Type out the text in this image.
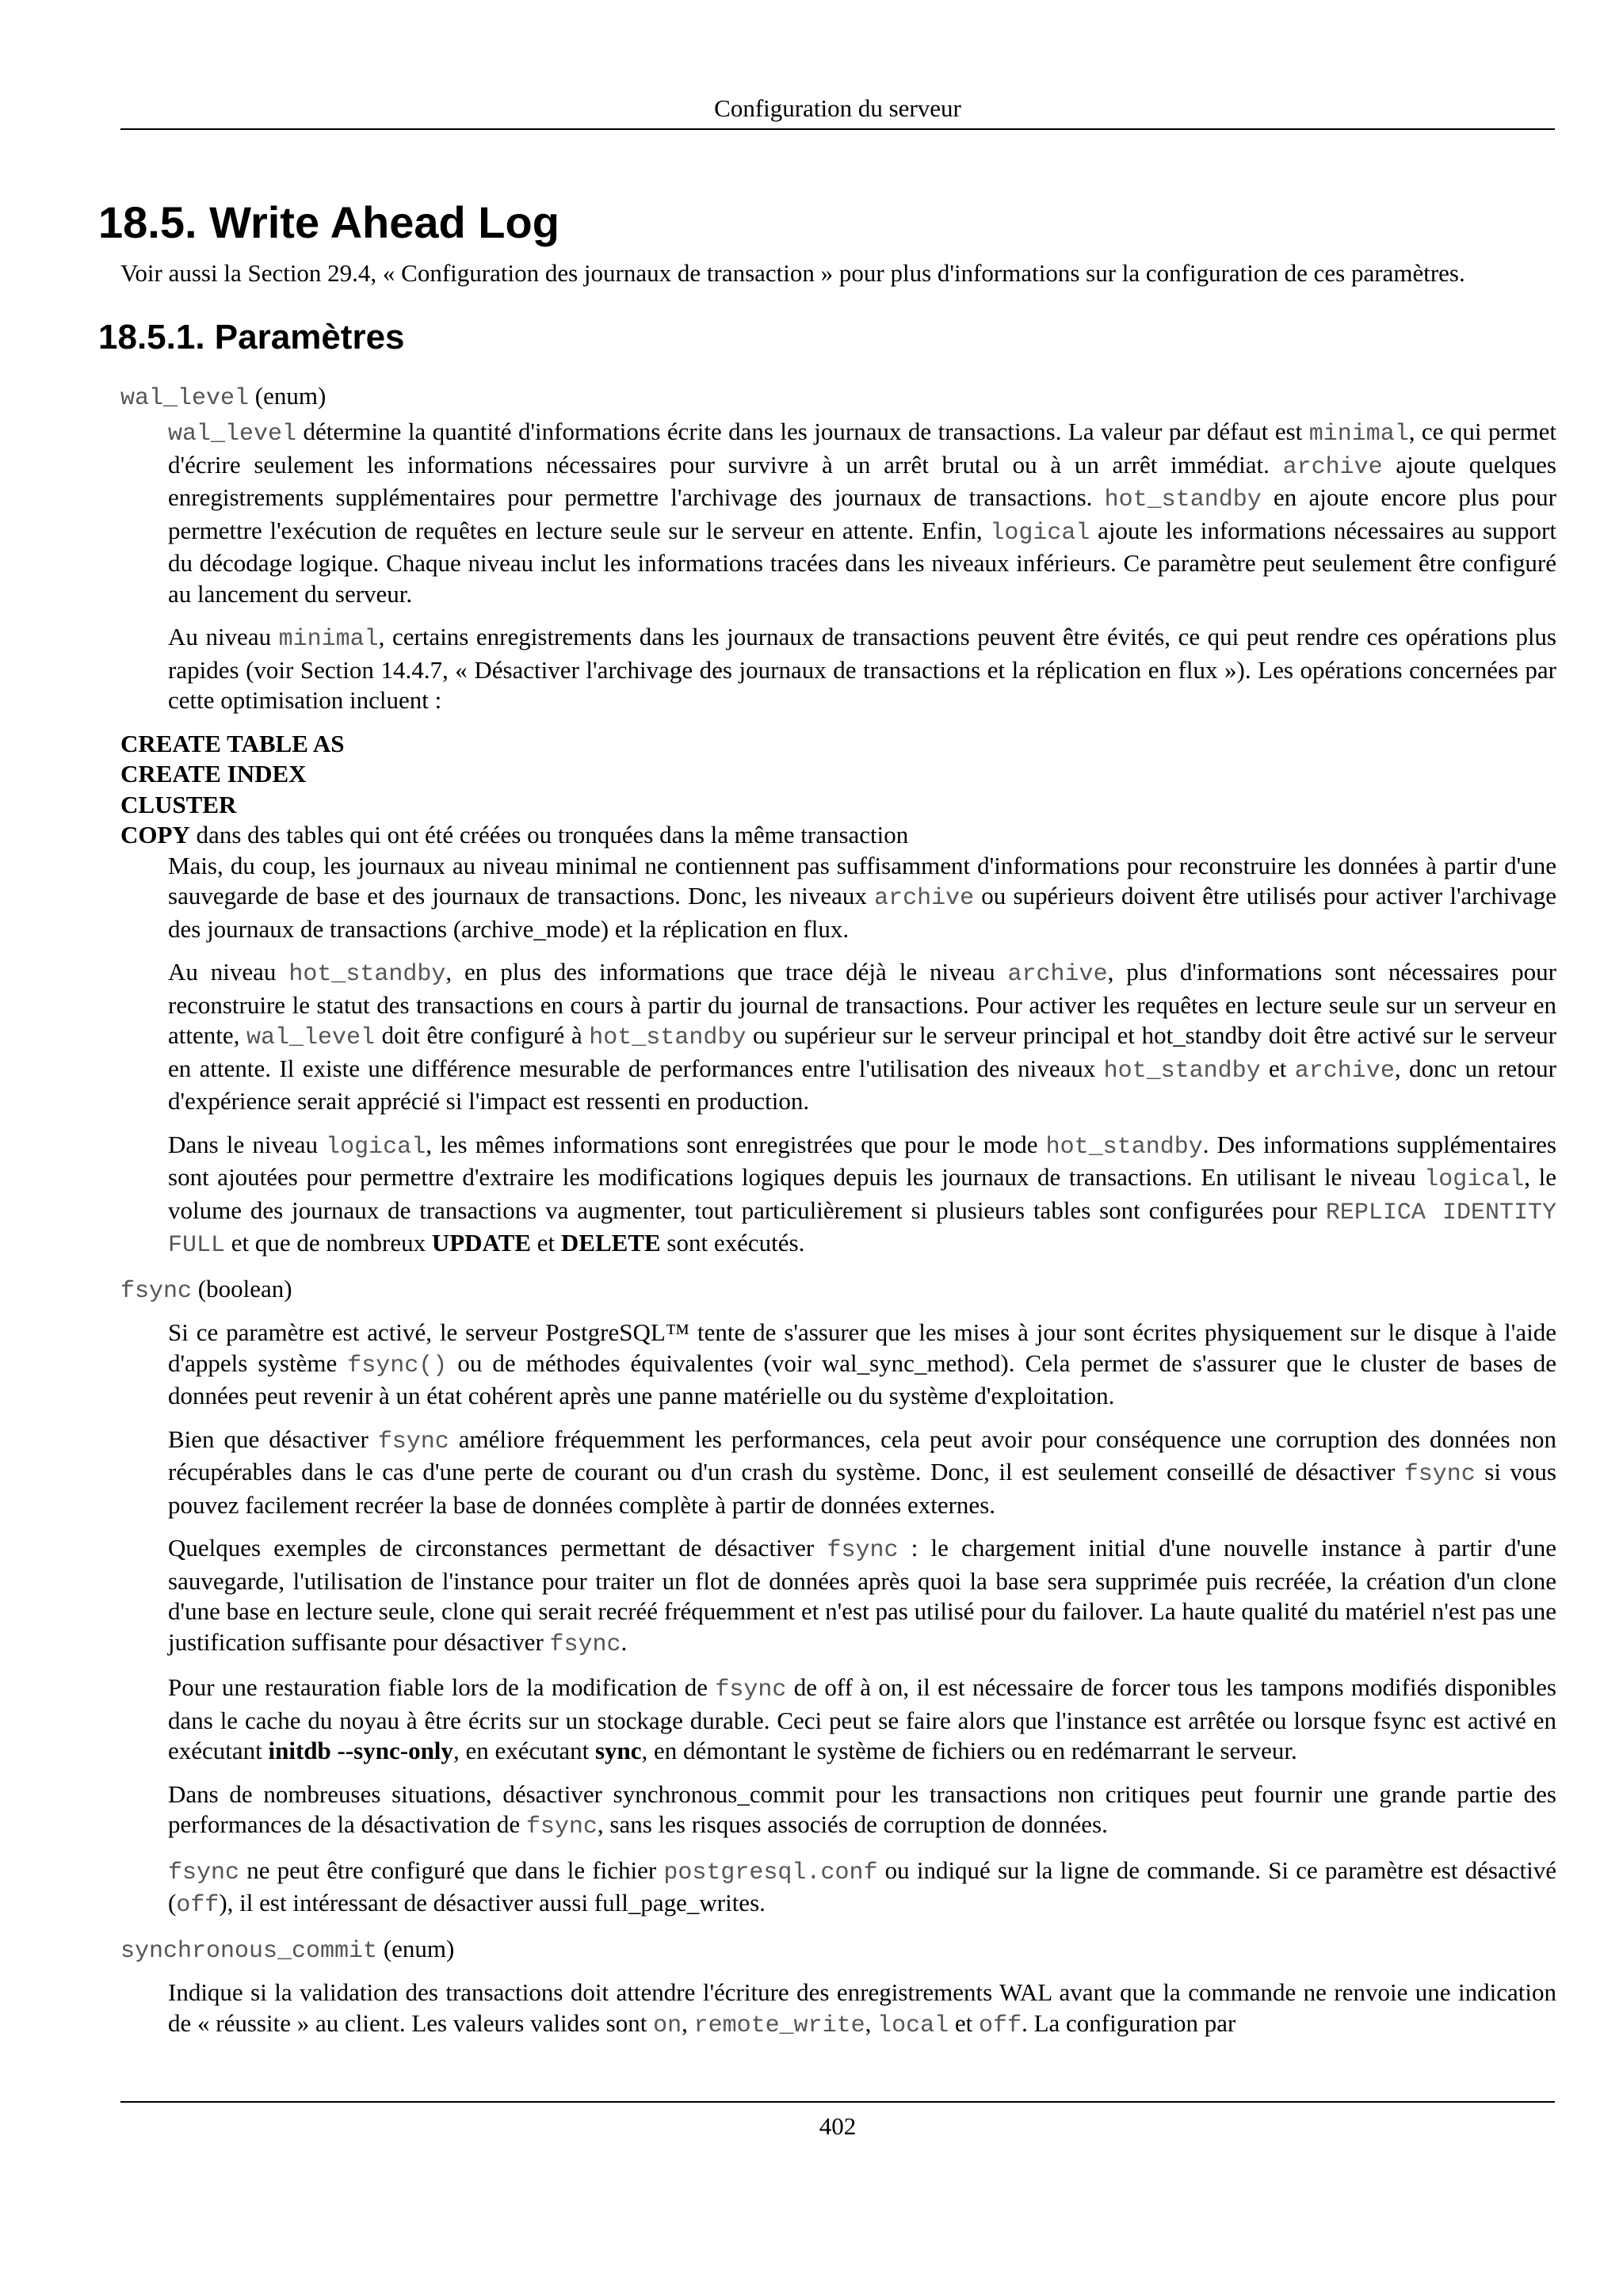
Configuration du serveur
18.5. Write Ahead Log

Voir aussi la Section 29.4, « Configuration des journaux de transaction » pour plus d'informations sur la configuration de ces paramètres.

18.5.1. Paramètres
wal_level (enum)

wal_level détermine la quantité d'informations écrite dans les journaux de transactions. La valeur par défaut est minimal, ce qui permet d'écrire seulement les informations nécessaires pour survivre à un arrêt brutal ou à un arrêt immédiat. archive ajoute quelques enregistrements supplémentaires pour permettre l'archivage des journaux de transactions. hot_standby en ajoute encore plus pour permettre l'exécution de requêtes en lecture seule sur le serveur en attente. Enfin, logical ajoute les informations nécessaires au support du décodage logique. Chaque niveau inclut les informations tracées dans les niveaux inférieurs. Ce paramètre peut seulement être configuré au lancement du serveur.

Au niveau minimal, certains enregistrements dans les journaux de transactions peuvent être évités, ce qui peut rendre ces opérations plus rapides (voir Section 14.4.7, « Désactiver l'archivage des journaux de transactions et la réplication en flux »). Les opérations concernées par cette optimisation incluent :

CREATE TABLE AS
CREATE INDEX
CLUSTER
COPY dans des tables qui ont été créées ou tronquées dans la même transaction

Mais, du coup, les journaux au niveau minimal ne contiennent pas suffisamment d'informations pour reconstruire les données à partir d'une sauvegarde de base et des journaux de transactions. Donc, les niveaux archive ou supérieurs doivent être utilisés pour activer l'archivage des journaux de transactions (archive_mode) et la réplication en flux.

Au niveau hot_standby, en plus des informations que trace déjà le niveau archive, plus d'informations sont nécessaires pour reconstruire le statut des transactions en cours à partir du journal de transactions. Pour activer les requêtes en lecture seule sur un serveur en attente, wal_level doit être configuré à hot_standby ou supérieur sur le serveur principal et hot_standby doit être activé sur le serveur en attente. Il existe une différence mesurable de performances entre l'utilisation des niveaux hot_standby et archive, donc un retour d'expérience serait apprécié si l'impact est ressenti en production.

Dans le niveau logical, les mêmes informations sont enregistrées que pour le mode hot_standby. Des informations supplémentaires sont ajoutées pour permettre d'extraire les modifications logiques depuis les journaux de transactions. En utilisant le niveau logical, le volume des journaux de transactions va augmenter, tout particulièrement si plusieurs tables sont configurées pour REPLICA IDENTITY FULL et que de nombreux UPDATE et DELETE sont exécutés.

fsync (boolean)

Si ce paramètre est activé, le serveur PostgreSQL™ tente de s'assurer que les mises à jour sont écrites physiquement sur le disque à l'aide d'appels système fsync() ou de méthodes équivalentes (voir wal_sync_method). Cela permet de s'assurer que le cluster de bases de données peut revenir à un état cohérent après une panne matérielle ou du système d'exploitation.

Bien que désactiver fsync améliore fréquemment les performances, cela peut avoir pour conséquence une corruption des données non récupérables dans le cas d'une perte de courant ou d'un crash du système. Donc, il est seulement conseillé de désactiver fsync si vous pouvez facilement recréer la base de données complète à partir de données externes.

Quelques exemples de circonstances permettant de désactiver fsync : le chargement initial d'une nouvelle instance à partir d'une sauvegarde, l'utilisation de l'instance pour traiter un flot de données après quoi la base sera supprimée puis recréée, la création d'un clone d'une base en lecture seule, clone qui serait recréé fréquemment et n'est pas utilisé pour du failover. La haute qualité du matériel n'est pas une justification suffisante pour désactiver fsync.

Pour une restauration fiable lors de la modification de fsync de off à on, il est nécessaire de forcer tous les tampons modifiés disponibles dans le cache du noyau à être écrits sur un stockage durable. Ceci peut se faire alors que l'instance est arrêtée ou lorsque fsync est activé en exécutant initdb --sync-only, en exécutant sync, en démontant le système de fichiers ou en redémarrant le serveur.

Dans de nombreuses situations, désactiver synchronous_commit pour les transactions non critiques peut fournir une grande partie des performances de la désactivation de fsync, sans les risques associés de corruption de données.

fsync ne peut être configuré que dans le fichier postgresql.conf ou indiqué sur la ligne de commande. Si ce paramètre est désactivé (off), il est intéressant de désactiver aussi full_page_writes.

synchronous_commit (enum)

Indique si la validation des transactions doit attendre l'écriture des enregistrements WAL avant que la commande ne renvoie une indication de « réussite » au client. Les valeurs valides sont on, remote_write, local et off. La configuration par

402
